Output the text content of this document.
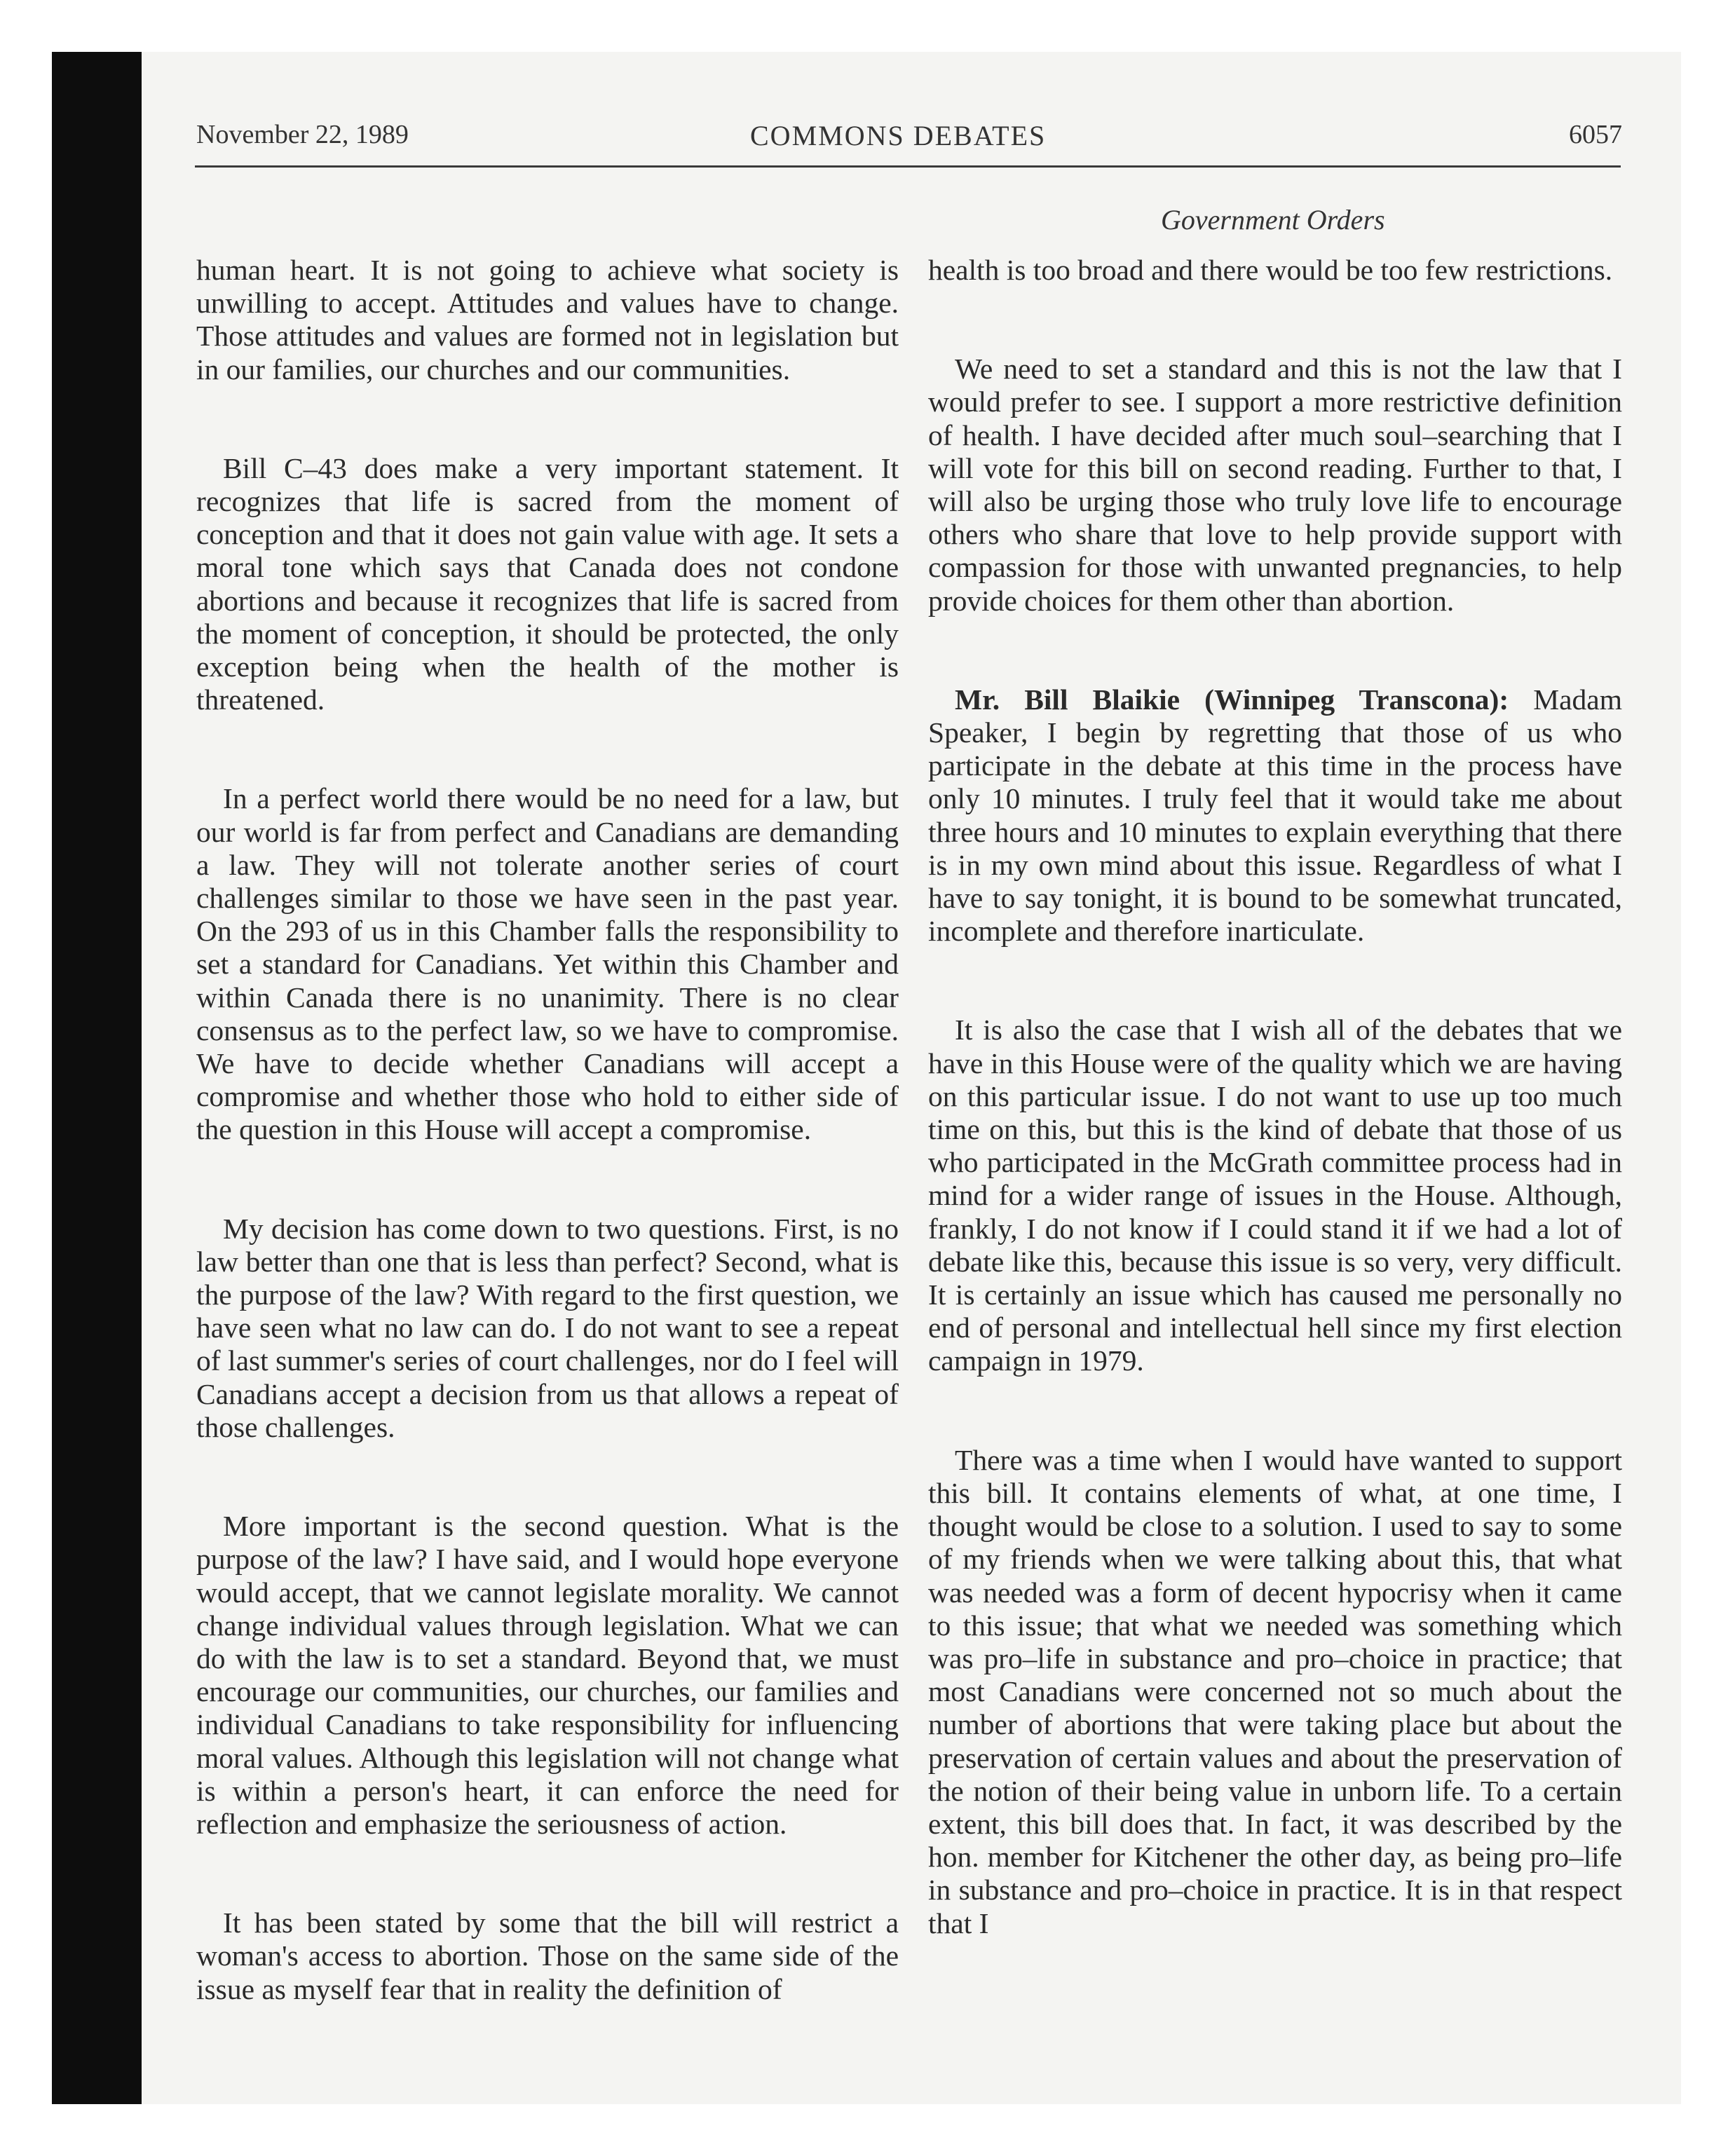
November 22, 1989	COMMONS DEBATES	6057
Government Orders

human heart. It is not going to achieve what society is unwilling to accept. Attitudes and values have to change. Those attitudes and values are formed not in legislation but in our families, our churches and our communities.

Bill C–43 does make a very important statement. It recognizes that life is sacred from the moment of conception and that it does not gain value with age. It sets a moral tone which says that Canada does not condone abortions and because it recognizes that life is sacred from the moment of conception, it should be protected, the only exception being when the health of the mother is threatened.

In a perfect world there would be no need for a law, but our world is far from perfect and Canadians are demanding a law. They will not tolerate another series of court challenges similar to those we have seen in the past year. On the 293 of us in this Chamber falls the responsibility to set a standard for Canadians. Yet within this Chamber and within Canada there is no unanimity. There is no clear consensus as to the perfect law, so we have to compromise. We have to decide whether Canadians will accept a compromise and whether those who hold to either side of the question in this House will accept a compromise.

My decision has come down to two questions. First, is no law better than one that is less than perfect? Second, what is the purpose of the law? With regard to the first question, we have seen what no law can do. I do not want to see a repeat of last summer's series of court challenges, nor do I feel will Canadians accept a decision from us that allows a repeat of those challenges.

More important is the second question. What is the purpose of the law? I have said, and I would hope everyone would accept, that we cannot legislate morality. We cannot change individual values through legislation. What we can do with the law is to set a standard. Beyond that, we must encourage our communities, our churches, our families and individual Canadians to take responsibility for influencing moral values. Although this legislation will not change what is within a person's heart, it can enforce the need for reflection and emphasize the seriousness of action.

It has been stated by some that the bill will restrict a woman's access to abortion. Those on the same side of the issue as myself fear that in reality the definition of

health is too broad and there would be too few restrictions.

We need to set a standard and this is not the law that I would prefer to see. I support a more restrictive definition of health. I have decided after much soul–searching that I will vote for this bill on second reading. Further to that, I will also be urging those who truly love life to encourage others who share that love to help provide support with compassion for those with unwanted pregnancies, to help provide choices for them other than abortion.

Mr. Bill Blaikie (Winnipeg Transcona): Madam Speaker, I begin by regretting that those of us who participate in the debate at this time in the process have only 10 minutes. I truly feel that it would take me about three hours and 10 minutes to explain everything that there is in my own mind about this issue. Regardless of what I have to say tonight, it is bound to be somewhat truncated, incomplete and therefore inarticulate.

It is also the case that I wish all of the debates that we have in this House were of the quality which we are having on this particular issue. I do not want to use up too much time on this, but this is the kind of debate that those of us who participated in the McGrath committee process had in mind for a wider range of issues in the House. Although, frankly, I do not know if I could stand it if we had a lot of debate like this, because this issue is so very, very difficult. It is certainly an issue which has caused me personally no end of personal and intellectual hell since my first election campaign in 1979.

There was a time when I would have wanted to support this bill. It contains elements of what, at one time, I thought would be close to a solution. I used to say to some of my friends when we were talking about this, that what was needed was a form of decent hypocrisy when it came to this issue; that what we needed was something which was pro–life in substance and pro–choice in practice; that most Canadians were concerned not so much about the number of abortions that were taking place but about the preservation of certain values and about the preservation of the notion of their being value in unborn life. To a certain extent, this bill does that. In fact, it was described by the hon. member for Kitchener the other day, as being pro–life in substance and pro–choice in practice. It is in that respect that I
